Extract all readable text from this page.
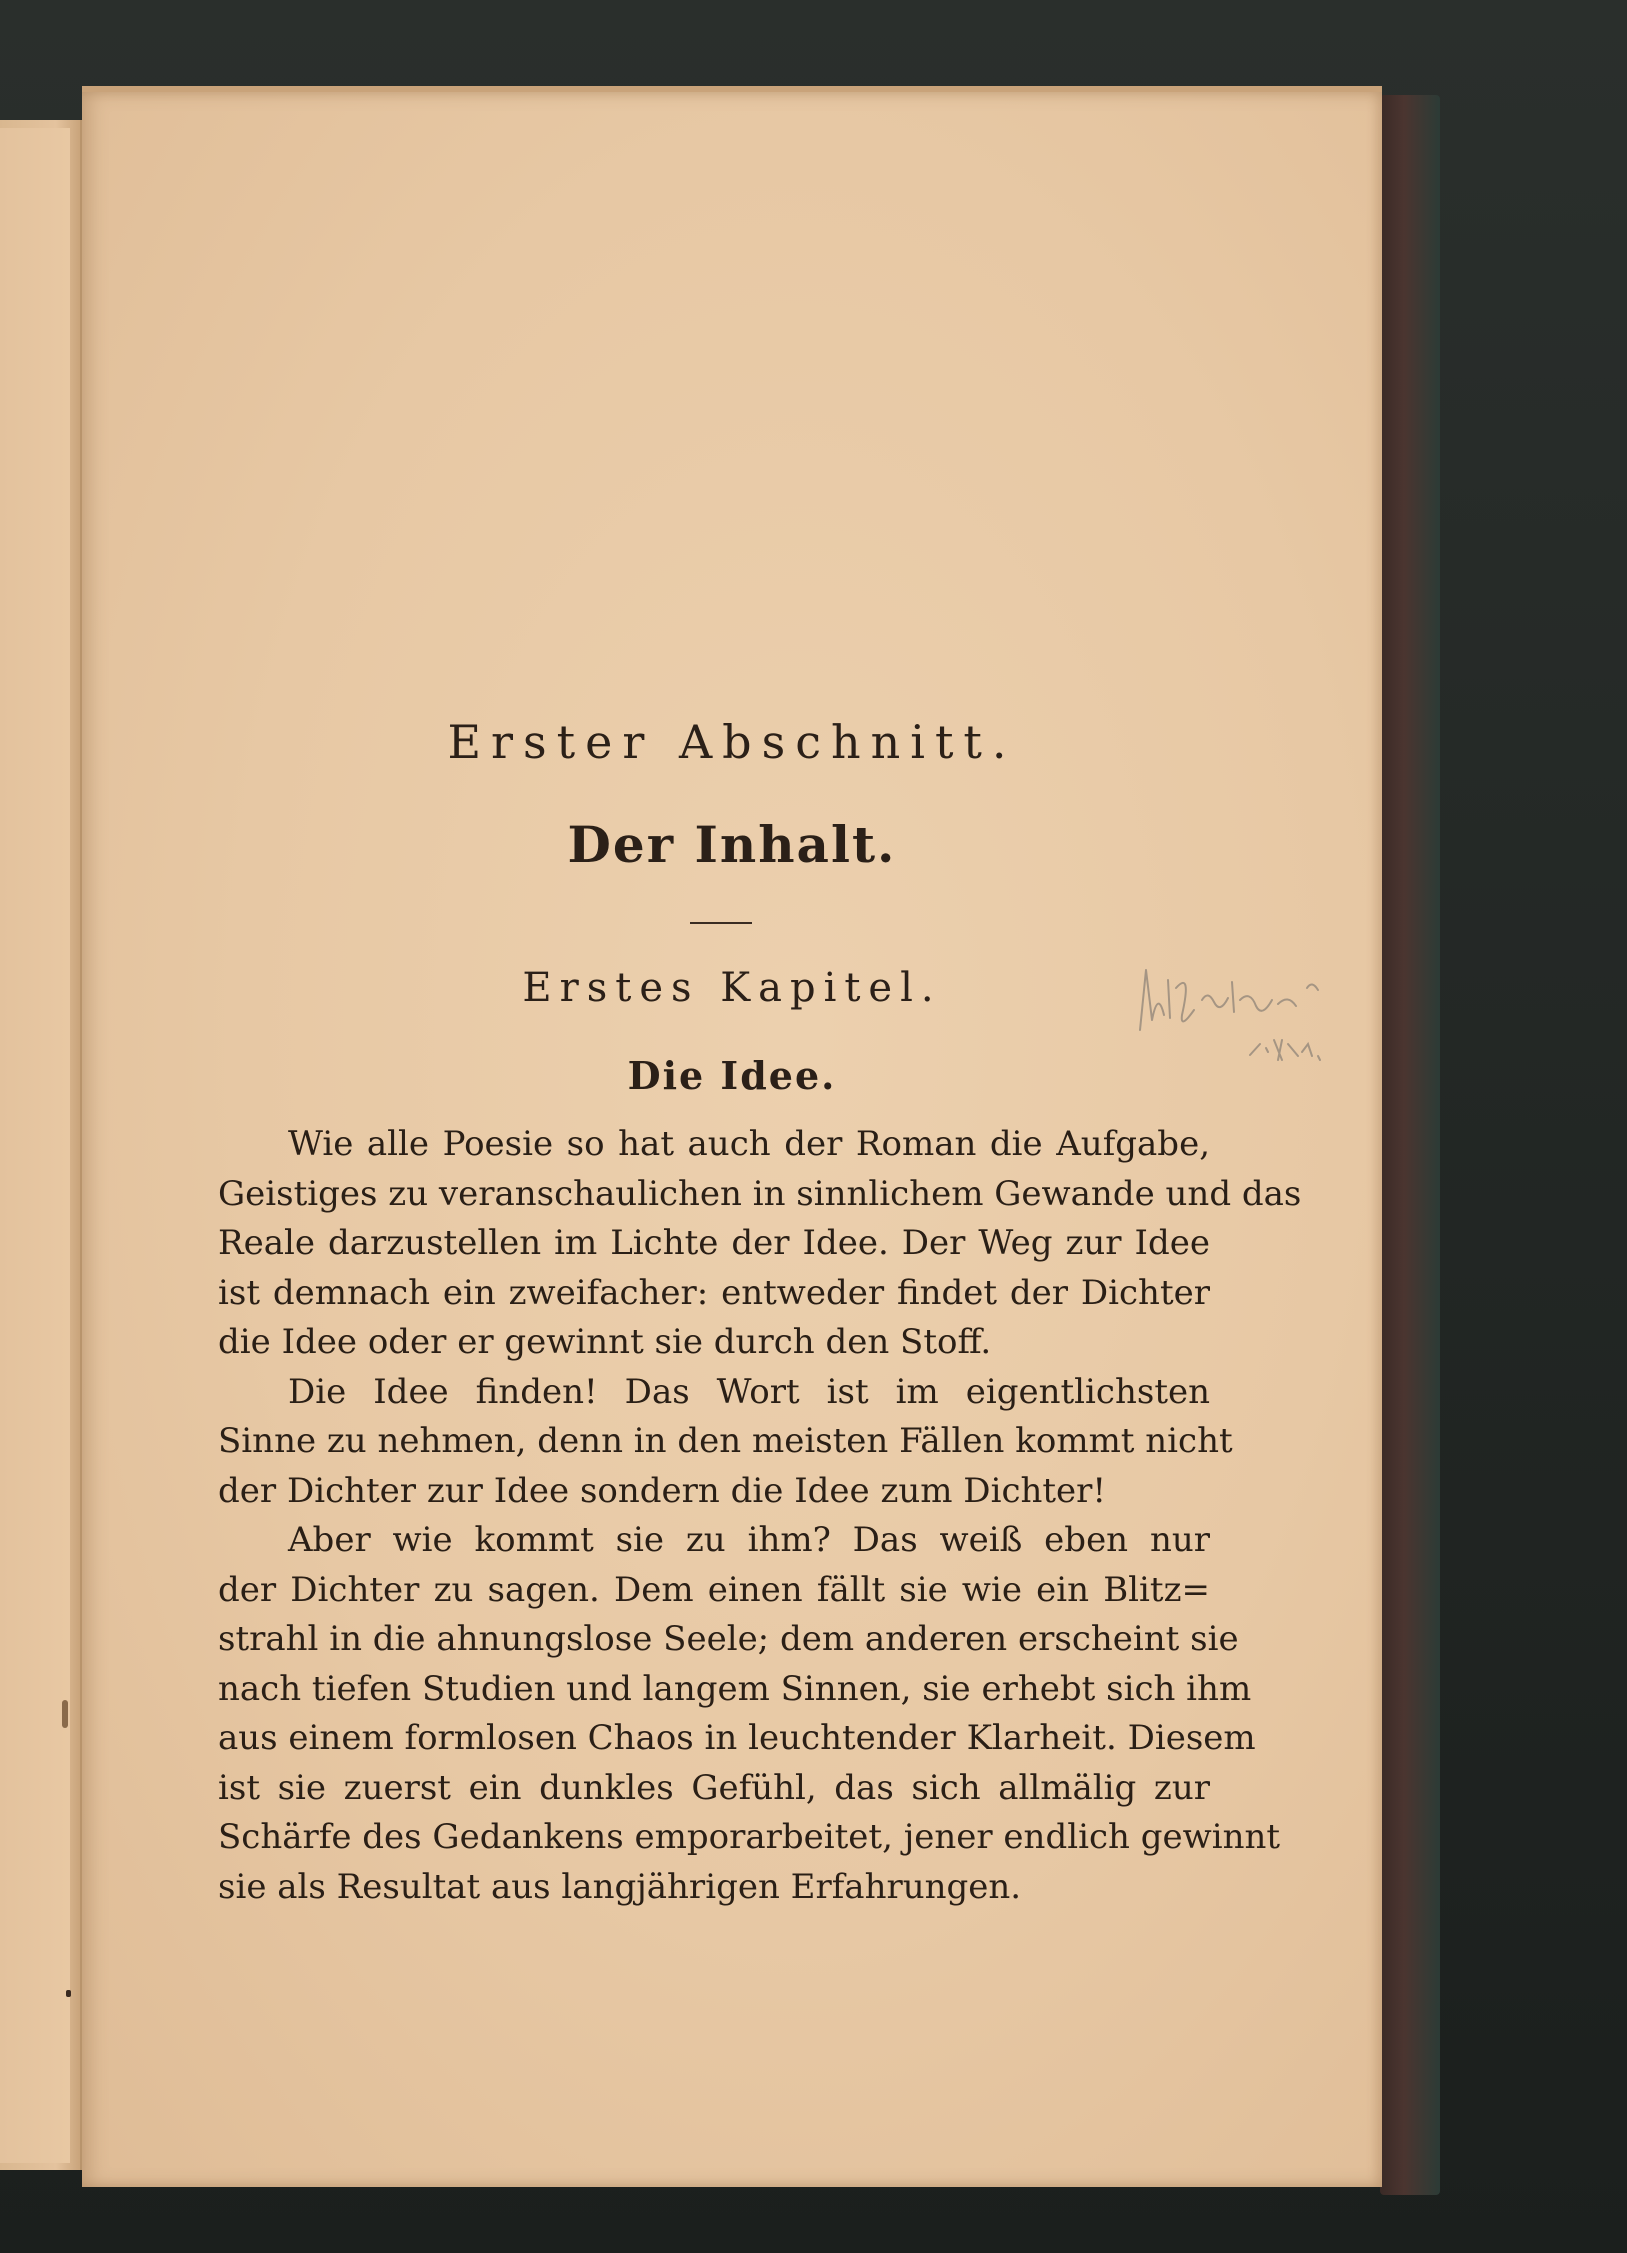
Erster Abschnitt.
Der Inhalt.
Erstes Kapitel.
Die Idee.

Wie alle Poesie so hat auch der Roman die Aufgabe,
Geistiges zu veranschaulichen in sinnlichem Gewande und das
Reale darzustellen im Lichte der Idee. Der Weg zur Idee
ist demnach ein zweifacher: entweder findet der Dichter
die Idee oder er gewinnt sie durch den Stoff.

Die Idee finden! Das Wort ist im eigentlichsten
Sinne zu nehmen, denn in den meisten Fällen kommt nicht
der Dichter zur Idee sondern die Idee zum Dichter!

Aber wie kommt sie zu ihm? Das weiß eben nur
der Dichter zu sagen. Dem einen fällt sie wie ein Blitz=
strahl in die ahnungslose Seele; dem anderen erscheint sie
nach tiefen Studien und langem Sinnen, sie erhebt sich ihm
aus einem formlosen Chaos in leuchtender Klarheit. Diesem
ist sie zuerst ein dunkles Gefühl, das sich allmälig zur
Schärfe des Gedankens emporarbeitet, jener endlich gewinnt
sie als Resultat aus langjährigen Erfahrungen.
